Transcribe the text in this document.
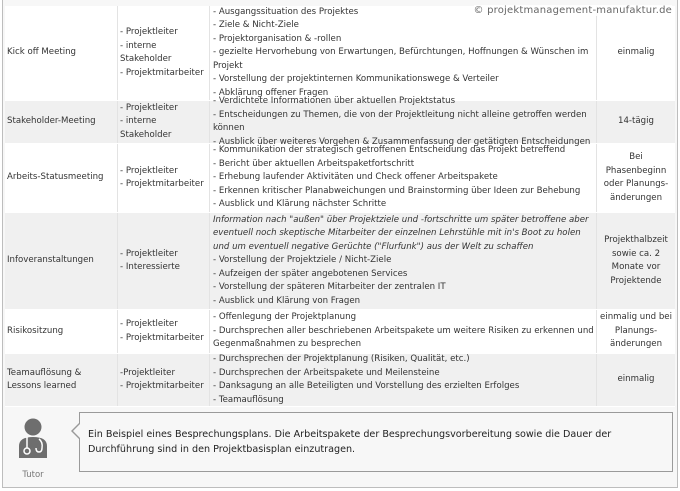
Kick off Meeting
- Projektleiter
- interne Stakeholder
- Projektmitarbeiter
- Ausgangssituation des Projektes
- Ziele & Nicht-Ziele
- Projektorganisation & -rollen
- gezielte Hervorhebung von Erwartungen, Befürchtungen, Hoffnungen & Wünschen im Projekt
- Vorstellung der projektinternen Kommunikationswege & Verteiler
- Abklärung offener Fragen
einmalig
Stakeholder-Meeting
- Projektleiter
- interne Stakeholder
- Verdichtete Informationen über aktuellen Projektstatus
- Entscheidungen zu Themen, die von der Projektleitung nicht alleine getroffen werden können
- Ausblick über weiteres Vorgehen & Zusammenfassung der getätigten Entscheidungen
14-tägig
Arbeits-Statusmeeting
- Projektleiter
- Projektmitarbeiter
- Kommunikation der strategisch getroffenen Entscheidung das Projekt betreffend
- Bericht über aktuellen Arbeitspaketfortschritt
- Erhebung laufender Aktivitäten und Check offener Arbeitspakete
- Erkennen kritischer Planabweichungen und Brainstorming über Ideen zur Behebung
- Ausblick und Klärung nächster Schritte
Bei Phasenbeginn oder Planungs-änderungen
Infoveranstaltungen
- Projektleiter
- Interessierte
Information nach "außen" über Projektziele und -fortschritte um später betroffene aber eventuell noch skeptische Mitarbeiter der einzelnen Lehrstühle mit in's Boot zu holen und um eventuell negative Gerüchte ("Flurfunk") aus der Welt zu schaffen
- Vorstellung der Projektziele / Nicht-Ziele
- Aufzeigen der später angebotenen Services
- Vorstellung der späteren Mitarbeiter der zentralen IT
- Ausblick und Klärung von Fragen
Projekthalbzeit sowie ca. 2 Monate vor Projektende
Risikositzung
- Projektleiter
- Projektmitarbeiter
- Offenlegung der Projektplanung
- Durchsprechen aller beschriebenen Arbeitspakete um weitere Risiken zu erkennen und Gegenmaßnahmen zu besprechen
einmalig und bei Planungs-änderungen
Teamauflösung & Lessons learned
-Projektleiter
- Projektmitarbeiter
- Durchsprechen der Projektplanung (Risiken, Qualität, etc.)
- Durchsprechen der Arbeitspakete und Meilensteine
- Danksagung an alle Beteiligten und Vorstellung des erzielten Erfolges
- Teamauflösung
einmalig
© projektmanagement-manufaktur.de
Tutor
Ein Beispiel eines Besprechungsplans. Die Arbeitspakete der Besprechungsvorbereitung sowie die Dauer der Durchführung sind in den Projektbasisplan einzutragen.
